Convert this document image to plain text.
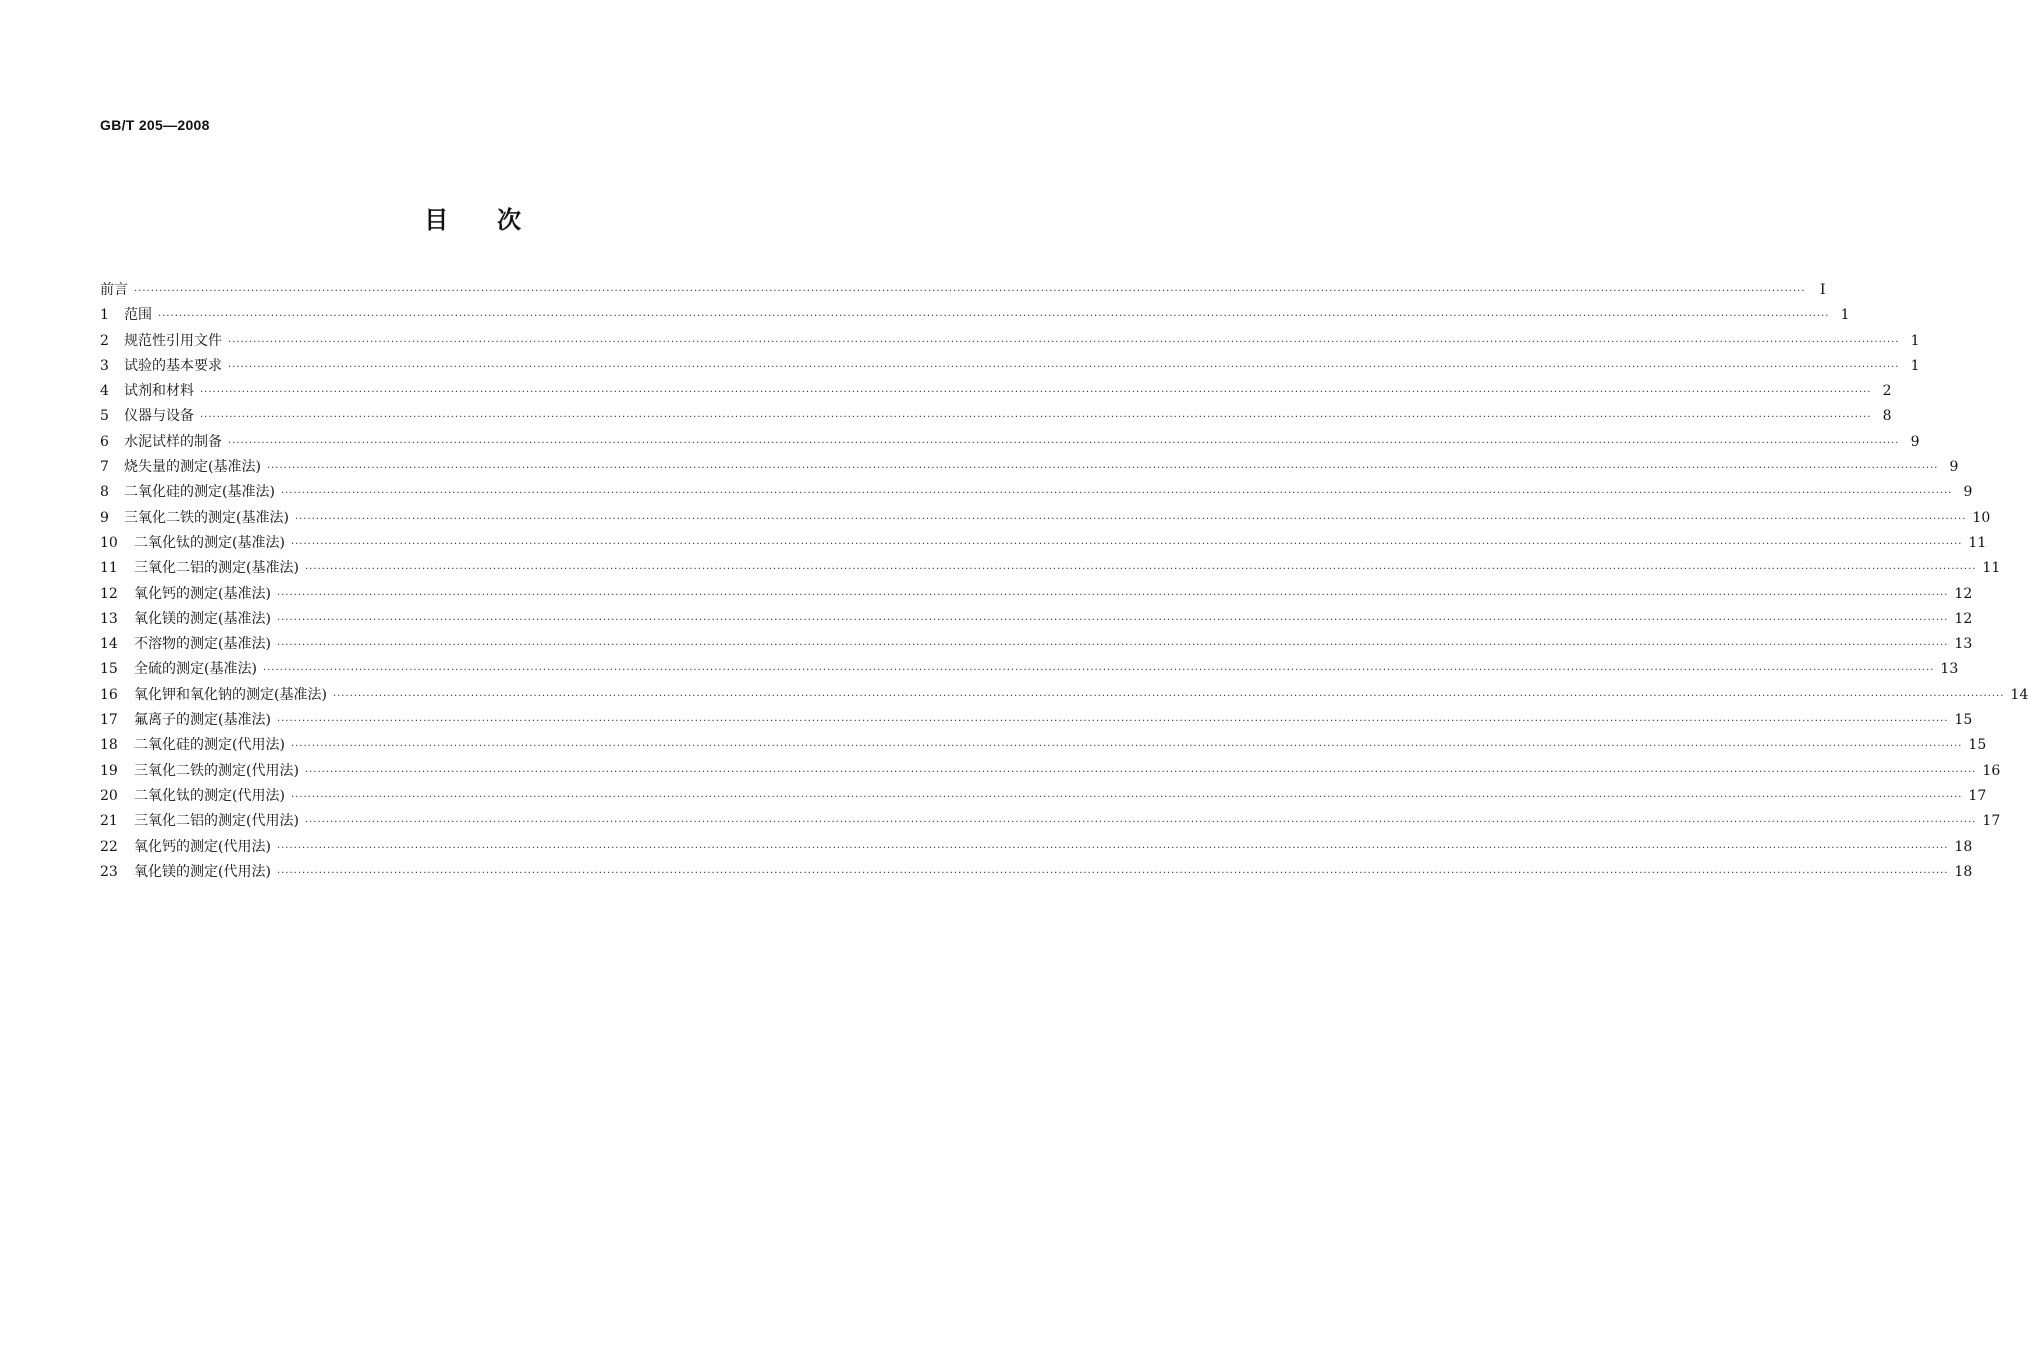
GB/T 205—2008
目 次
前言 ················································································································································································································································································································································································································	I
1	范围 ················································································································································································································································································································································································································ 1
2	规范性引用文件 ················································································································································································································································································································································································································ 1
3	试验的基本要求 ················································································································································································································································································································································································································ 1
4	试剂和材料 ················································································································································································································································································································································································································ 2
5	仪器与设备 ················································································································································································································································································································································································································ 8
6	水泥试样的制备 ················································································································································································································································································································································································································ 9
7	烧失量的测定(基准法) ················································································································································································································································································································································································································ 9
8	二氧化硅的测定(基准法) ················································································································································································································································································································································································································ 9
9	三氧化二铁的测定(基准法) ················································································································································································································································································································································································································ 10
10	二氧化钛的测定(基准法) ················································································································································································································································································································································································································ 11
11	三氧化二铝的测定(基准法) ················································································································································································································································································································································································································ 11
12	氧化钙的测定(基准法) ················································································································································································································································································································································································································ 12
13	氧化镁的测定(基准法) ················································································································································································································································································································································································································ 12
14	不溶物的测定(基准法) ················································································································································································································································································································································································································ 13
15	全硫的测定(基准法) ················································································································································································································································································································································································································ 13
16	氧化钾和氧化钠的测定(基准法) ················································································································································································································································································································································································································ 14
17	氟离子的测定(基准法) ················································································································································································································································································································································································································ 15
18	二氧化硅的测定(代用法) ················································································································································································································································································································································································································ 15
19	三氧化二铁的测定(代用法) ················································································································································································································································································································································································································ 16
20	二氧化钛的测定(代用法) ················································································································································································································································································································································································································ 17
21	三氧化二铝的测定(代用法) ················································································································································································································································································································································································································ 17
22	氧化钙的测定(代用法) ················································································································································································································································································································································································································ 18
23	氧化镁的测定(代用法) ················································································································································································································································································································································································································ 18
